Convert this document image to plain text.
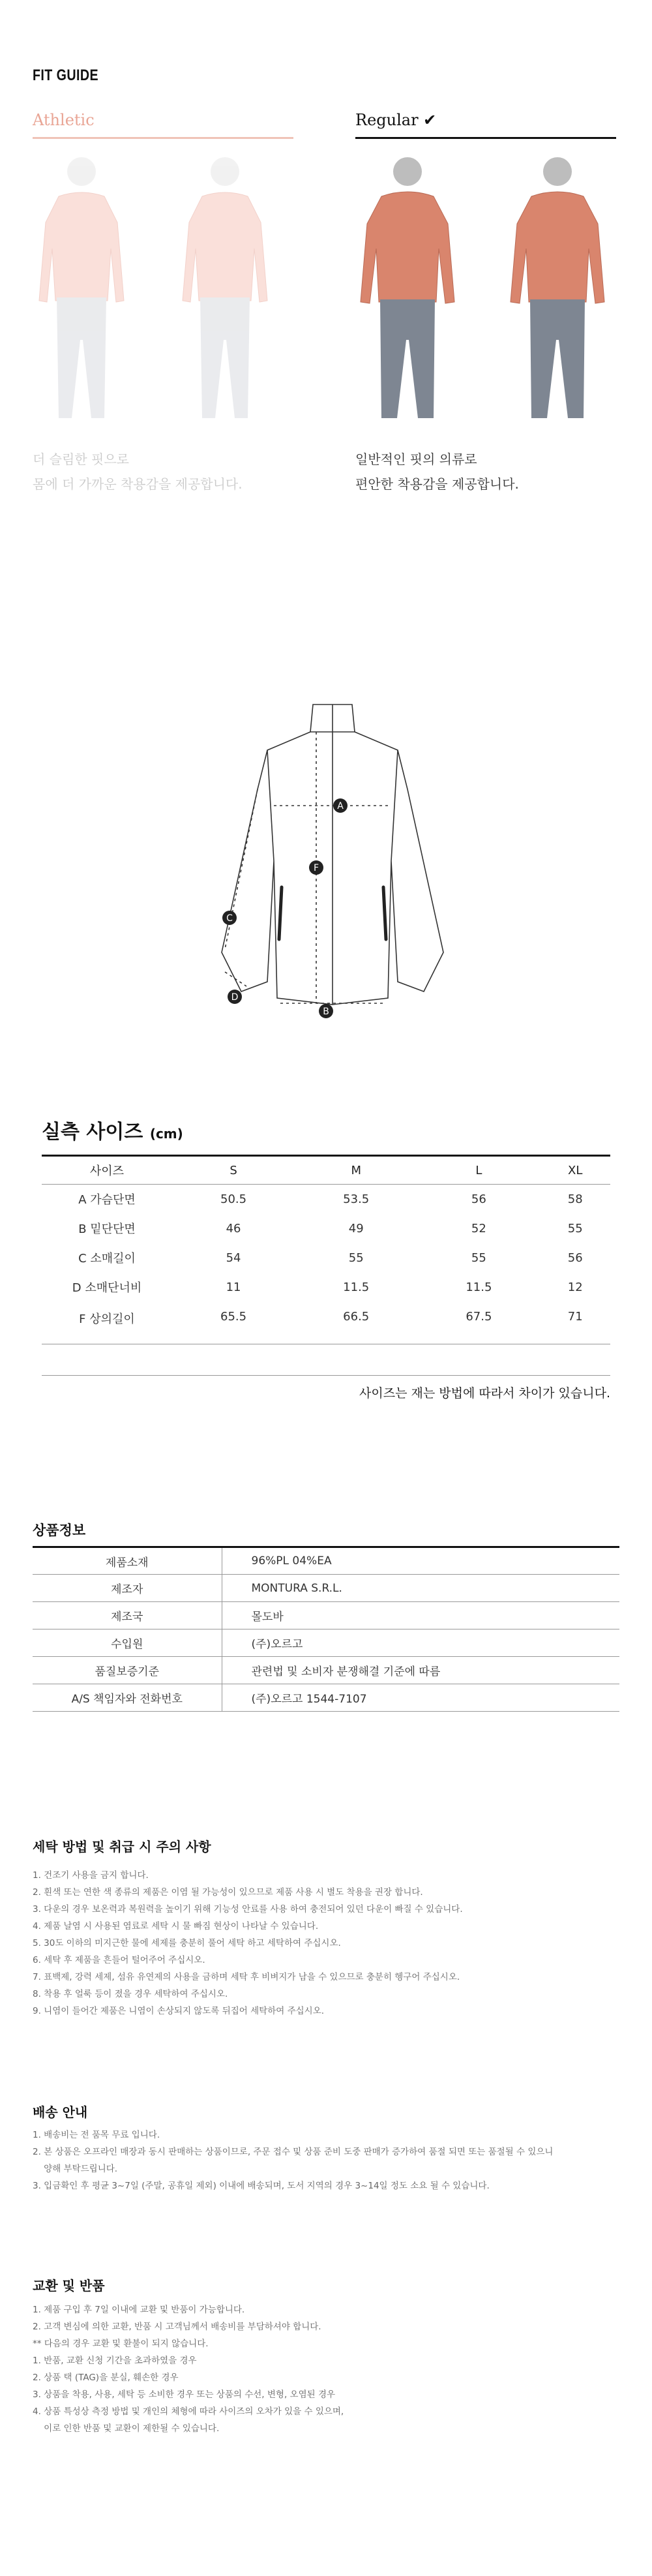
FIT GUIDE
Athletic
더 슬림한 핏으로
몸에 더 가까운 착용감을 제공합니다.
Regular ✔
일반적인 핏의 의류로
편안한 착용감을 제공합니다.
A
B
C
D
F
실측 사이즈 (cm)
사이즈	S	M	L	XL
A 가슴단면	50.5	53.5	56	58
B 밑단단면	46	49	52	55
C 소매길이	54	55	55	56
D 소매단너비	11	11.5	11.5	12
F 상의길이	65.5	66.5	67.5	71
사이즈는 재는 방법에 따라서 차이가 있습니다.
상품정보
제품소재	96%PL 04%EA
제조자	MONTURA S.R.L.
제조국	몰도바
수입원	(주)오르고
품질보증기준	관련법 및 소비자 분쟁해결 기준에 따름
A/S 책임자와 전화번호	(주)오르고 1544-7107
세탁 방법 및 취급 시 주의 사항
1. 건조기 사용을 금지 합니다.
2. 흰색 또는 연한 색 종류의 제품은 이염 될 가능성이 있으므로 제품 사용 시 별도 착용을 권장 합니다.
3. 다운의 경우 보온력과 복원력을 높이기 위해 기능성 안료를 사용 하여 충전되어 있던 다운이 빠질 수 있습니다.
4. 제품 날염 시 사용된 염료로 세탁 시 물 빠짐 현상이 나타날 수 있습니다.
5. 30도 이하의 미지근한 물에 세제를 충분히 풀어 세탁 하고 세탁하여 주십시오.
6. 세탁 후 제품을 흔들어 털어주어 주십시오.
7. 표백제, 강력 세제, 섬유 유연제의 사용을 금하며 세탁 후 비벼지가 남을 수 있으므로 충분히 헹구어 주십시오.
8. 착용 후 얼룩 등이 졌을 경우 세탁하여 주십시오.
9. 니염이 들어간 제품은 니염이 손상되지 않도록 뒤집어 세탁하여 주십시오.
배송 안내
1. 배송비는 전 품목 무료 입니다.
2. 본 상품은 오프라인 매장과 동시 판매하는 상품이므로, 주문 접수 및 상품 준비 도중 판매가 증가하여 품절 되면 또는 품절될 수 있으니
양해 부탁드립니다.
3. 입금확인 후 평균 3~7일 (주말, 공휴일 제외) 이내에 배송되며, 도서 지역의 경우 3~14일 정도 소요 될 수 있습니다.
교환 및 반품
1. 제품 구입 후 7일 이내에 교환 및 반품이 가능합니다.
2. 고객 변심에 의한 교환, 반품 시 고객님께서 배송비를 부담하셔야 합니다.
** 다음의 경우 교환 및 환불이 되지 않습니다.
1. 반품, 교환 신청 기간을 초과하였을 경우
2. 상품 택 (TAG)을 분실, 훼손한 경우
3. 상품을 착용, 사용, 세탁 등 소비한 경우 또는 상품의 수선, 변형, 오염된 경우
4. 상품 특성상 측정 방법 및 개인의 체형에 따라 사이즈의 오차가 있을 수 있으며,
이로 인한 반품 및 교환이 제한될 수 있습니다.
